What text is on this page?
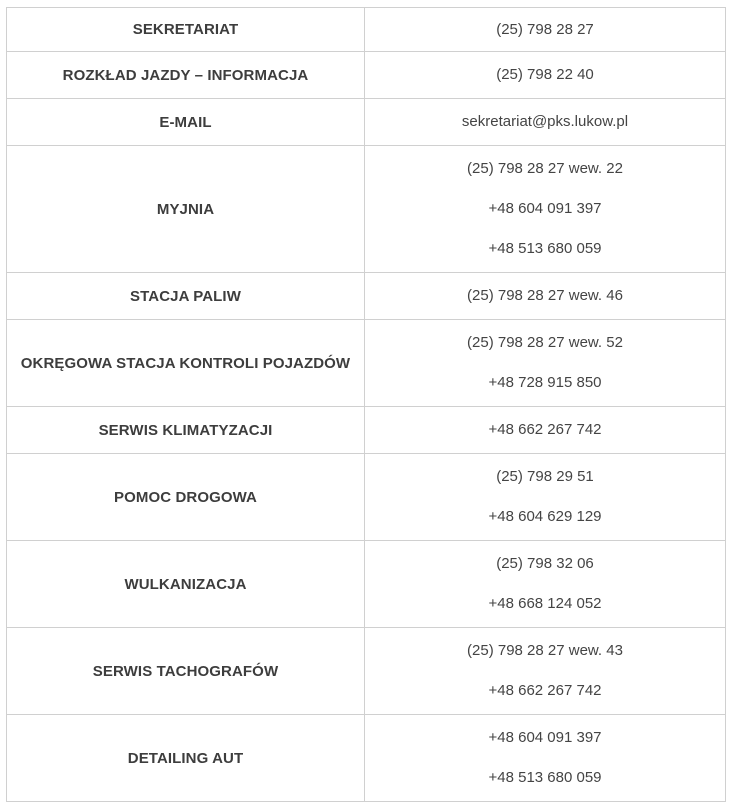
SEKRETARIAT	(25) 798 28 27

ROZKŁAD JAZDY – INFORMACJA	(25) 798 22 40

E-MAIL	sekretariat@pks.lukow.pl

MYJNIA	(25) 798 28 27 wew. 22
+48 604 091 397
+48 513 680 059

STACJA PALIW	(25) 798 28 27 wew. 46

OKRĘGOWA STACJA KONTROLI POJAZDÓW	(25) 798 28 27 wew. 52
+48 728 915 850

SERWIS KLIMATYZACJI	+48 662 267 742

POMOC DROGOWA	(25) 798 29 51
+48 604 629 129

WULKANIZACJA	(25) 798 32 06
+48 668 124 052

SERWIS TACHOGRAFÓW	(25) 798 28 27 wew. 43
+48 662 267 742

DETAILING AUT	+48 604 091 397
+48 513 680 059
